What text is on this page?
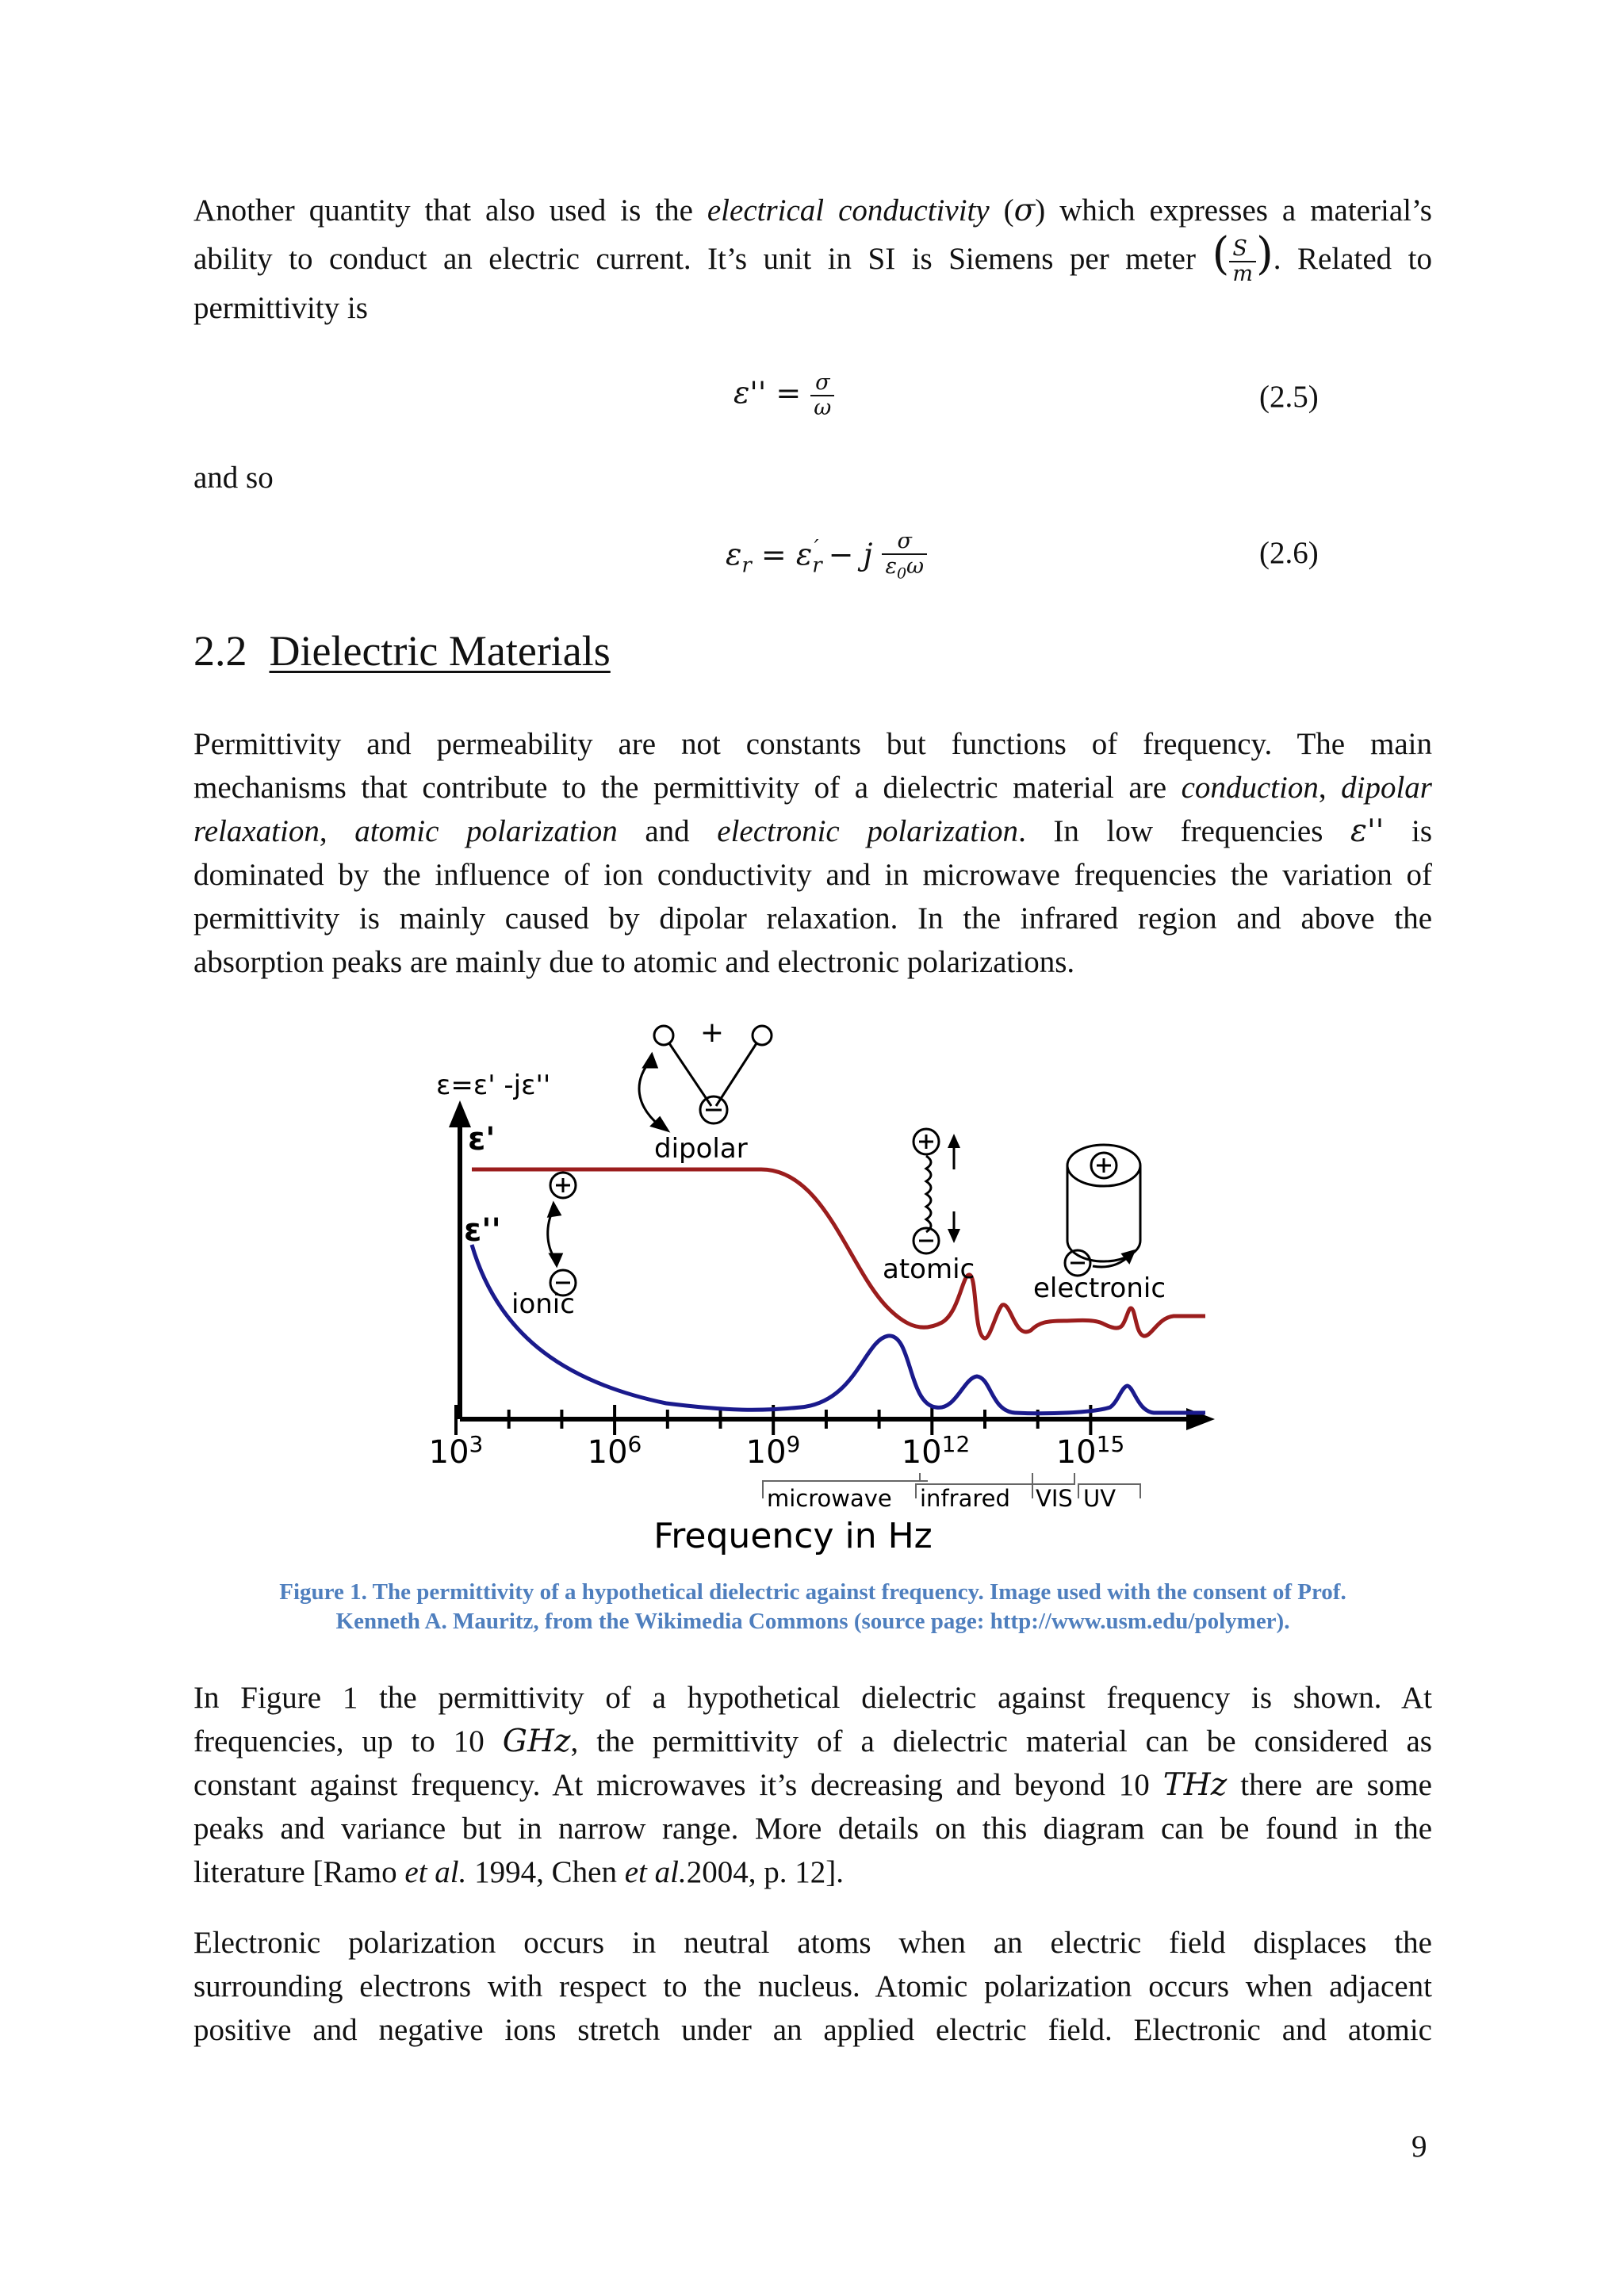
Another quantity that also used is the electrical conductivity (σ) which expresses a material’s
ability to conduct an electric current. It’s unit in SI is Siemens per meter ( $\frac{S}{m}$ ). Related to
permittivity is

$\varepsilon'' = \frac{\sigma}{\omega}$	(2.5)
and so
$\varepsilon_r = \varepsilon_r' - j \frac{\sigma}{\varepsilon_0\omega}$	(2.6)
2.2 Dielectric Materials

Permittivity and permeability are not constants but functions of frequency. The main
mechanisms that contribute to the permittivity of a dielectric material are conduction, dipolar
relaxation, atomic polarization and electronic polarization. In low frequencies ε'' is
dominated by the influence of ion conductivity and in microwave frequencies the variation of
permittivity is mainly caused by dipolar relaxation. In the infrared region and above the
absorption peaks are mainly due to atomic and electronic polarizations.

ε=ε' -jε''
ε'
ε''
ionic
dipolar
atomic
electronic
+
$10^3$	$10^6$	$10^9$	$10^{12}$	$10^{15}$
microwave infrared VIS UV
Frequency in Hz
Figure 1. The permittivity of a hypothetical dielectric against frequency. Image used with the consent of Prof.
Kenneth A. Mauritz, from the Wikimedia Commons (source page: http://www.usm.edu/polymer).

In Figure 1 the permittivity of a hypothetical dielectric against frequency is shown. At
frequencies, up to 10 GHz, the permittivity of a dielectric material can be considered as
constant against frequency. At microwaves it’s decreasing and beyond 10 THz there are some
peaks and variance but in narrow range. More details on this diagram can be found in the
literature [Ramo et al. 1994, Chen et al.2004, p. 12].

Electronic polarization occurs in neutral atoms when an electric field displaces the
surrounding electrons with respect to the nucleus. Atomic polarization occurs when adjacent
positive and negative ions stretch under an applied electric field. Electronic and atomic

9
